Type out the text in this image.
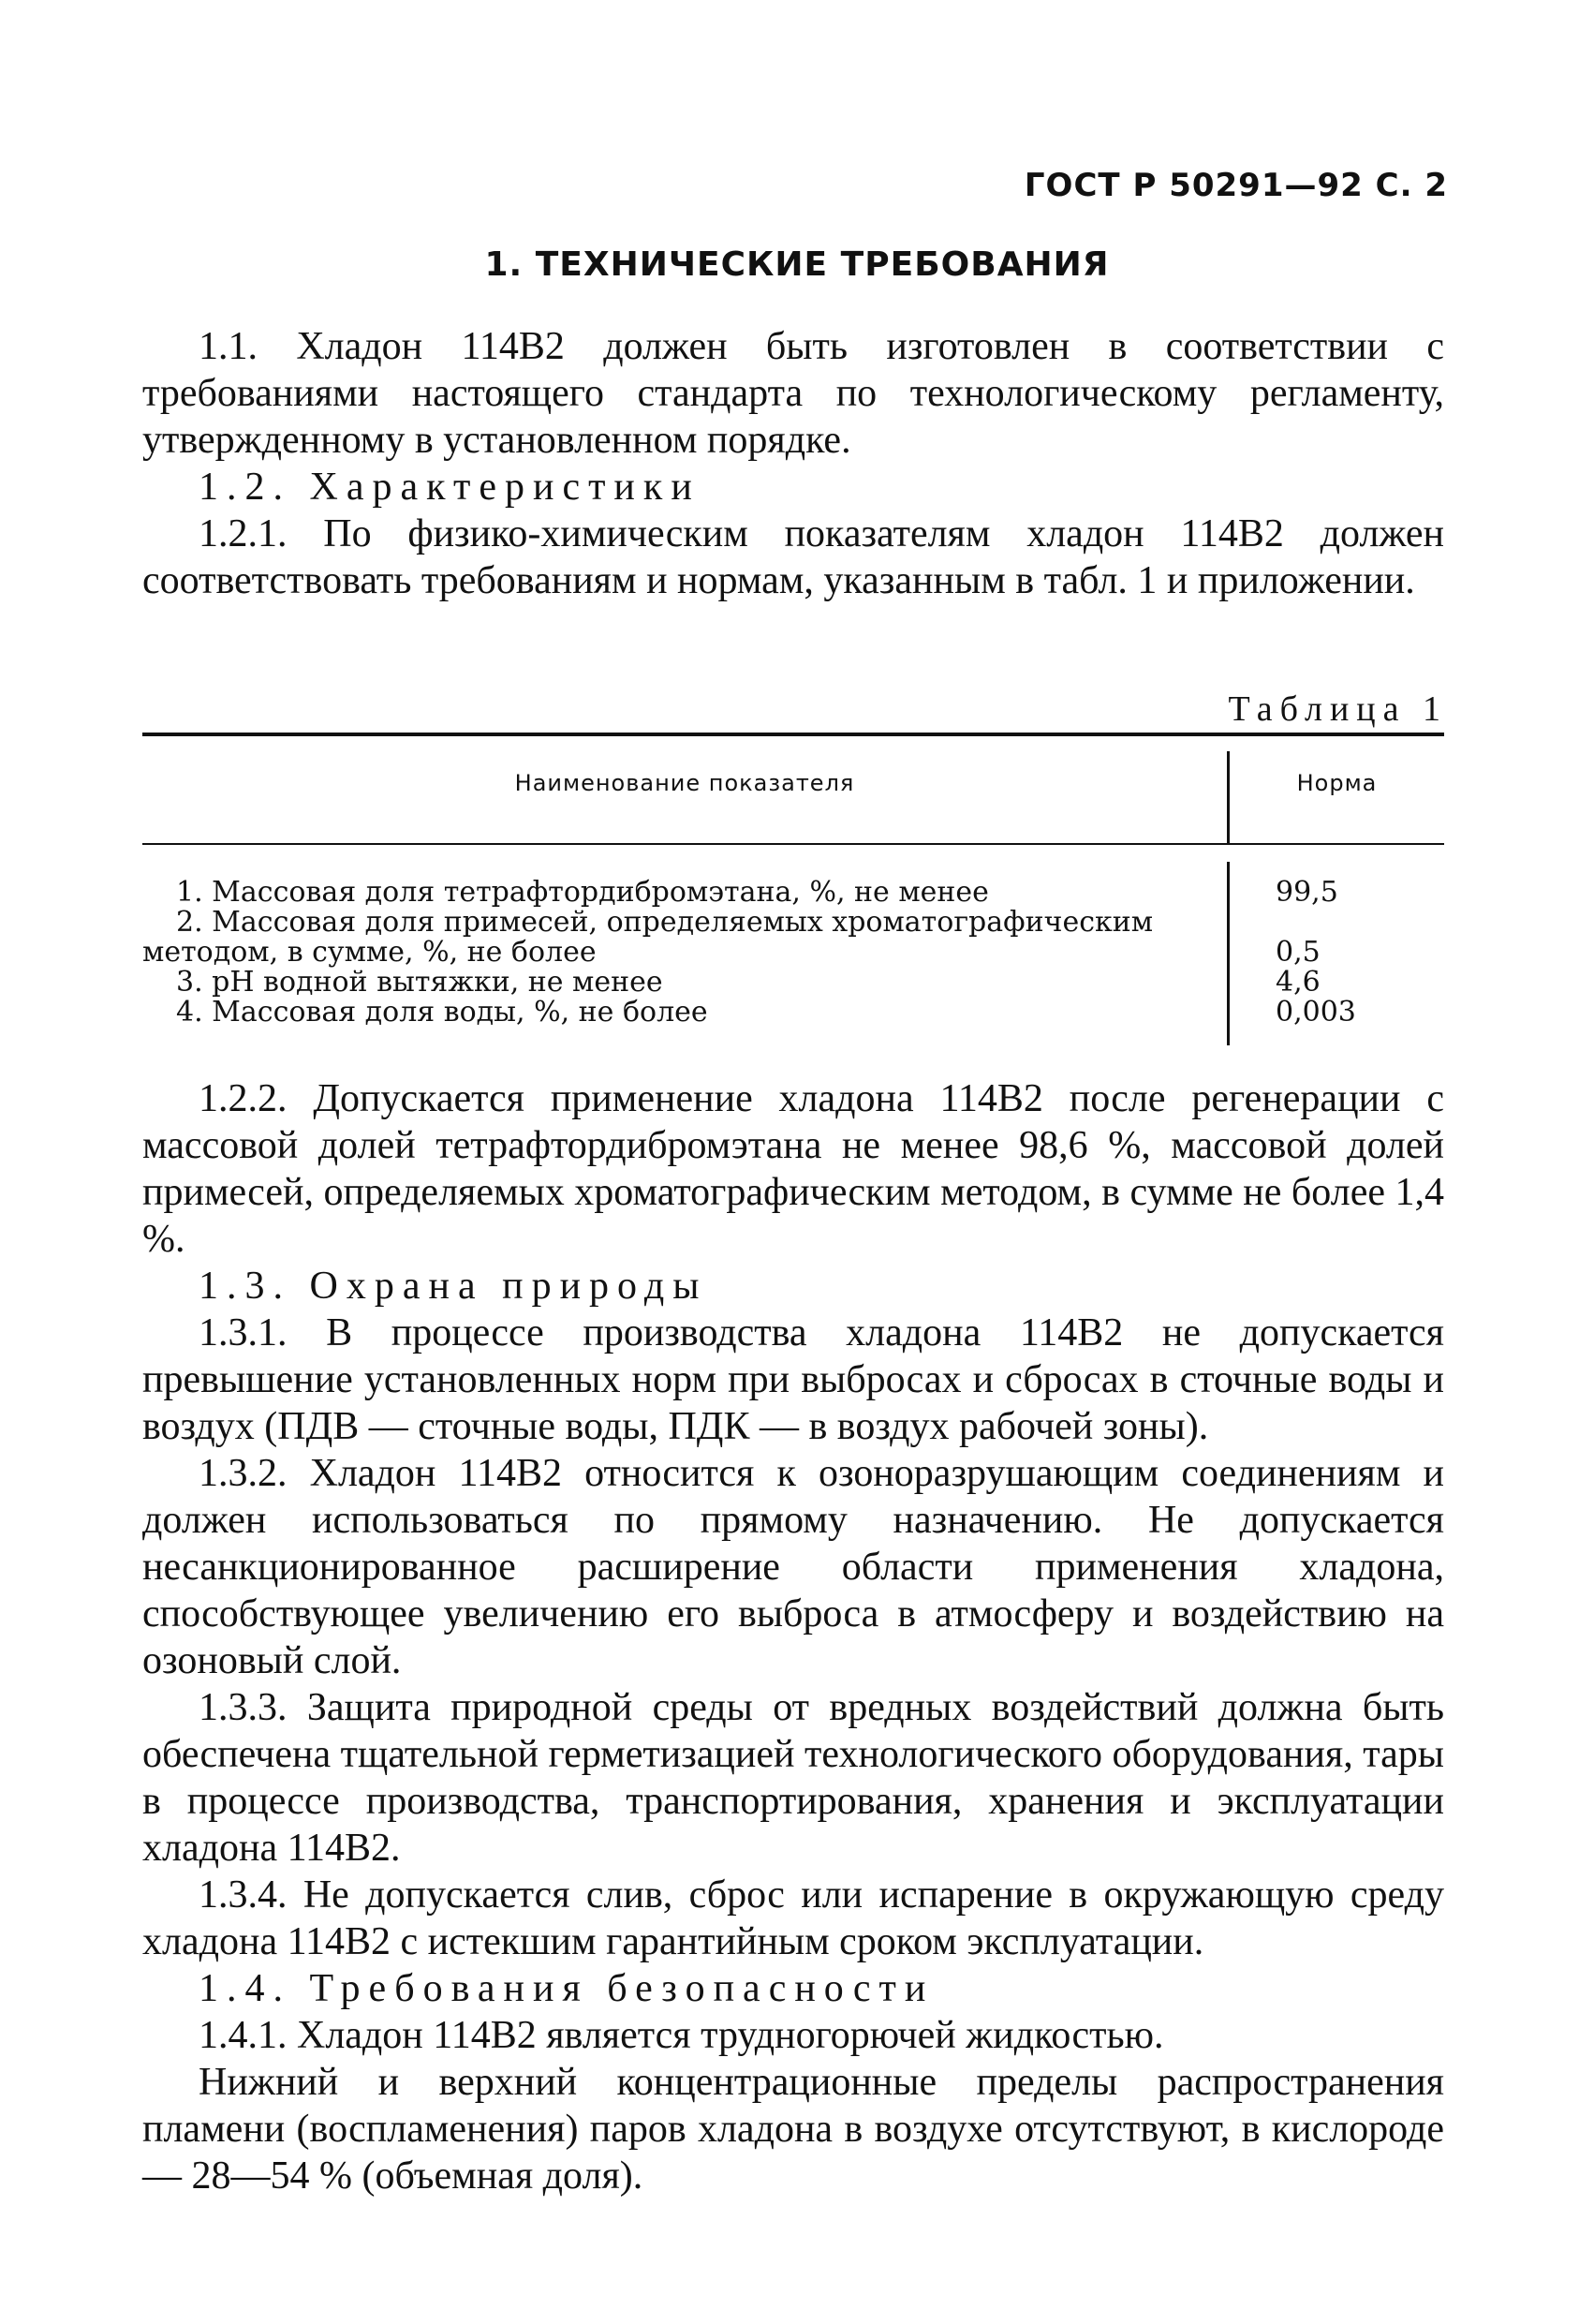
ГОСТ Р 50291—92 С. 2
1. ТЕХНИЧЕСКИЕ ТРЕБОВАНИЯ

1.1. Хладон 114В2 должен быть изготовлен в соответствии с требованиями настоящего стандарта по технологическому регламенту, утвержденному в установленном порядке.

1.2. Характеристики

1.2.1. По физико-химическим показателям хладон 114В2 должен соответствовать требованиям и нормам, указанным в табл. 1 и приложении.

Таблица 1
Наименование показателя	Норма
1. Массовая доля тетрафтордибромэтана, %, не менее	99,5
2. Массовая доля примесей, определяемых хроматографическим
методом, в сумме, %, не более	0,5
3. рН водной вытяжки, не менее	4,6
4. Массовая доля воды, %, не более	0,003

1.2.2. Допускается применение хладона 114В2 после регенерации с массовой долей тетрафтордибромэтана не менее 98,6 %, массовой долей примесей, определяемых хроматографическим методом, в сумме не более 1,4 %.

1.3. Охрана природы

1.3.1. В процессе производства хладона 114В2 не допускается превышение установленных норм при выбросах и сбросах в сточные воды и воздух (ПДВ — сточные воды, ПДК — в воздух рабочей зоны).

1.3.2. Хладон 114В2 относится к озоноразрушающим соединениям и должен использоваться по прямому назначению. Не допускается несанкционированное расширение области применения хладона, способствующее увеличению его выброса в атмосферу и воздействию на озоновый слой.

1.3.3. Защита природной среды от вредных воздействий должна быть обеспечена тщательной герметизацией технологического оборудования, тары в процессе производства, транспортирования, хранения и эксплуатации хладона 114В2.

1.3.4. Не допускается слив, сброс или испарение в окружающую среду хладона 114В2 с истекшим гарантийным сроком эксплуатации.

1.4. Требования безопасности

1.4.1. Хладон 114В2 является трудногорючей жидкостью.

Нижний и верхний концентрационные пределы распространения пламени (воспламенения) паров хладона в воздухе отсутствуют, в кислороде — 28—54 % (объемная доля).
